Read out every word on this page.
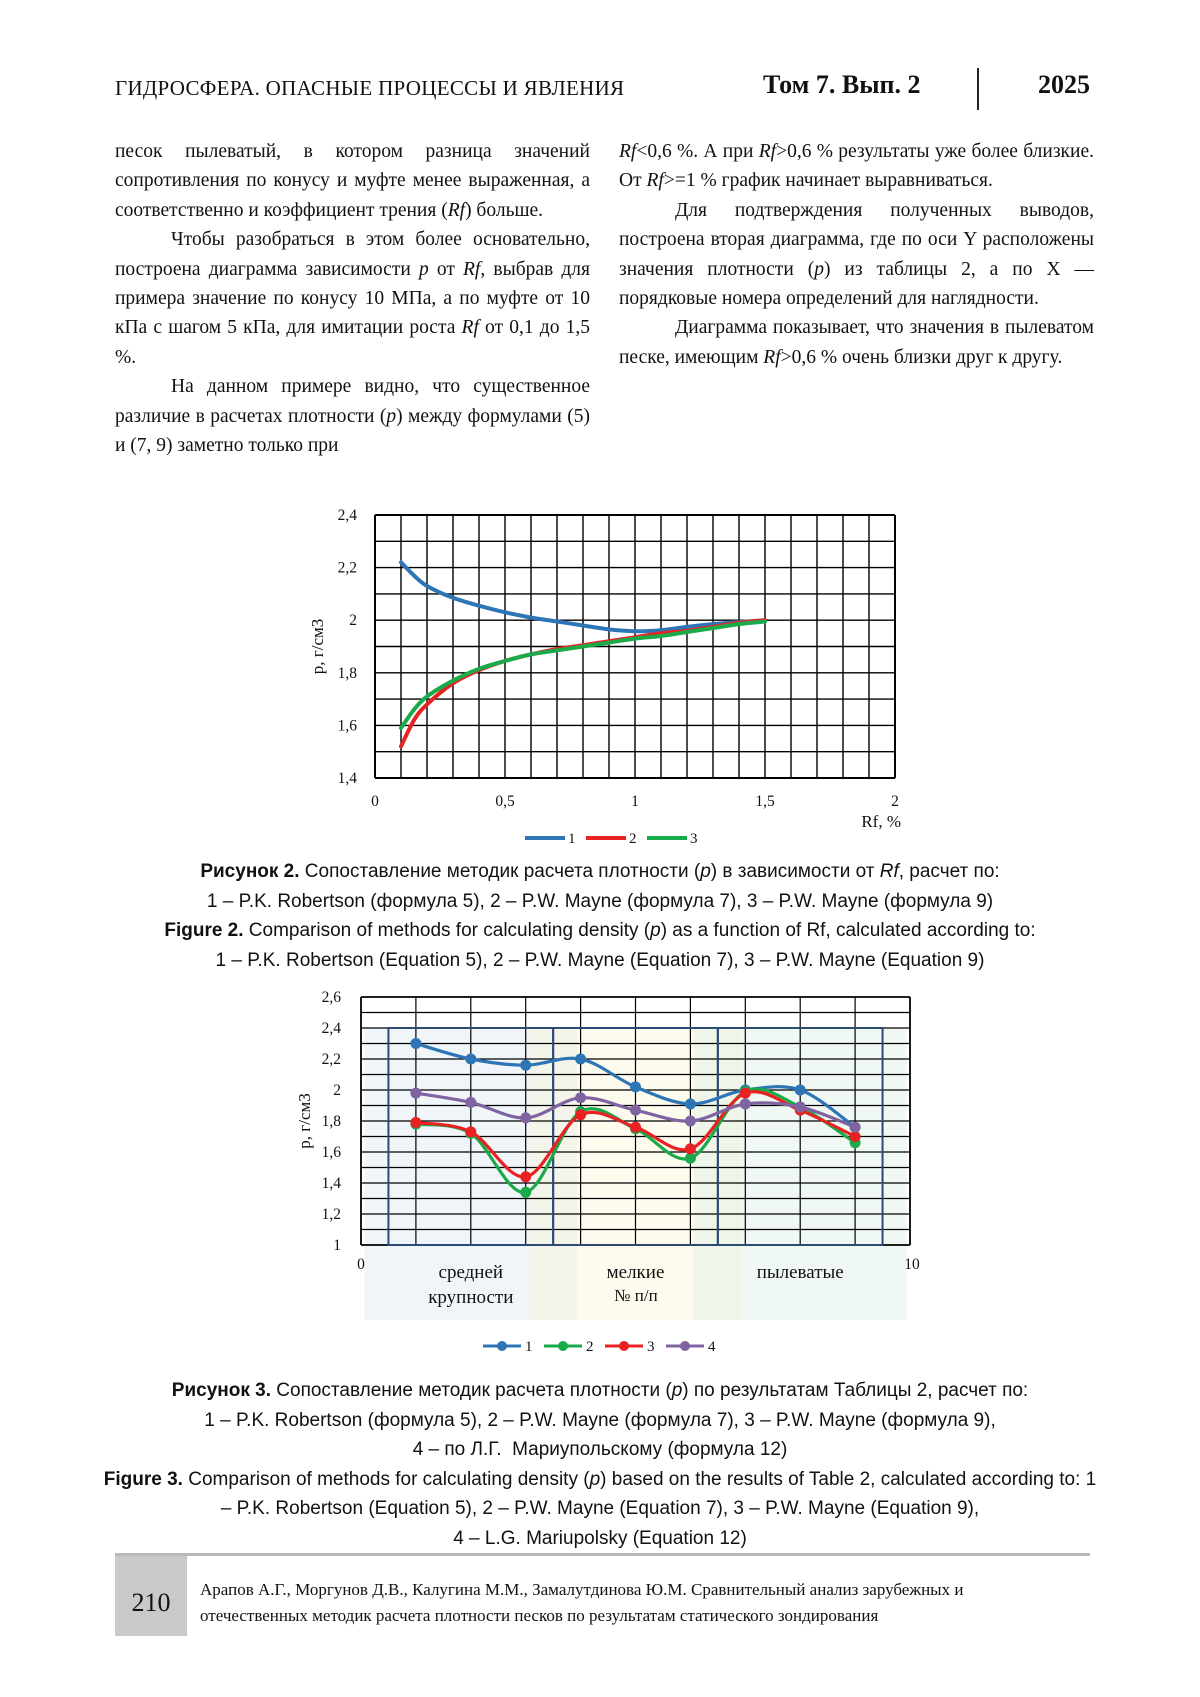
ГИДРОСФЕРА. ОПАСНЫЕ ПРОЦЕССЫ И ЯВЛЕНИЯ	Том 7. Вып. 2	2025

песок пылеватый, в котором разница значений сопротивления по конусу и муфте менее выраженная, а соответственно и коэффициент трения (Rf) больше.

Чтобы разобраться в этом более основательно, построена диаграмма зависимости p от Rf, выбрав для примера значение по конусу 10 МПа, а по муфте от 10 кПа с шагом 5 кПа, для имитации роста Rf от 0,1 до 1,5 %.

На данном примере видно, что существенное различие в расчетах плотности (p) между формулами (5) и (7, 9) заметно только при

Rf<0,6 %. А при Rf>0,6 % результаты уже более близкие. От Rf>=1 % график начинает выравниваться.

Для подтверждения полученных выводов, построена вторая диаграмма, где по оси Y расположены значения плотности (p) из таблицы 2, а по X — порядковые номера определений для наглядности.

Диаграмма показывает, что значения в пылеватом песке, имеющим Rf>0,6 % очень близки друг к другу.

1,4
1,6
1,8
2
2,2
2,4
0	0,5	1	1,5	2
p, г/см3
Rf, %
1	2	3
средней
крупности
мелкие	пылеватые
1
1,2
1,4
1,6
1,8
2
2,2
2,4
2,6
0	10
p, г/см3
№ п/п
1	2	3	4

Рисунок 2. Сопоставление методик расчета плотности (p) в зависимости от Rf, расчет по:
1 – P.K. Robertson (формула 5), 2 – P.W. Mayne (формула 7), 3 – P.W. Mayne (формула 9)

Figure 2. Comparison of methods for calculating density (p) as a function of Rf, calculated according to:
1 – P.K. Robertson (Equation 5), 2 – P.W. Mayne (Equation 7), 3 – P.W. Mayne (Equation 9)

Рисунок 3. Сопоставление методик расчета плотности (p) по результатам Таблицы 2, расчет по:
1 – P.K. Robertson (формула 5), 2 – P.W. Mayne (формула 7), 3 – P.W. Mayne (формула 9),
4 – по Л.Г.  Мариупольскому (формула 12)

Figure 3. Comparison of methods for calculating density (p) based on the results of Table 2, calculated according to: 1 – P.K. Robertson (Equation 5), 2 – P.W. Mayne (Equation 7), 3 – P.W. Mayne (Equation 9),
4 – L.G. Mariupolsky (Equation 12)

210	Арапов А.Г., Моргунов Д.В., Калугина М.М., Замалутдинова Ю.М. Сравнительный анализ зарубежных и
отечественных методик расчета плотности песков по результатам статического зондирования
